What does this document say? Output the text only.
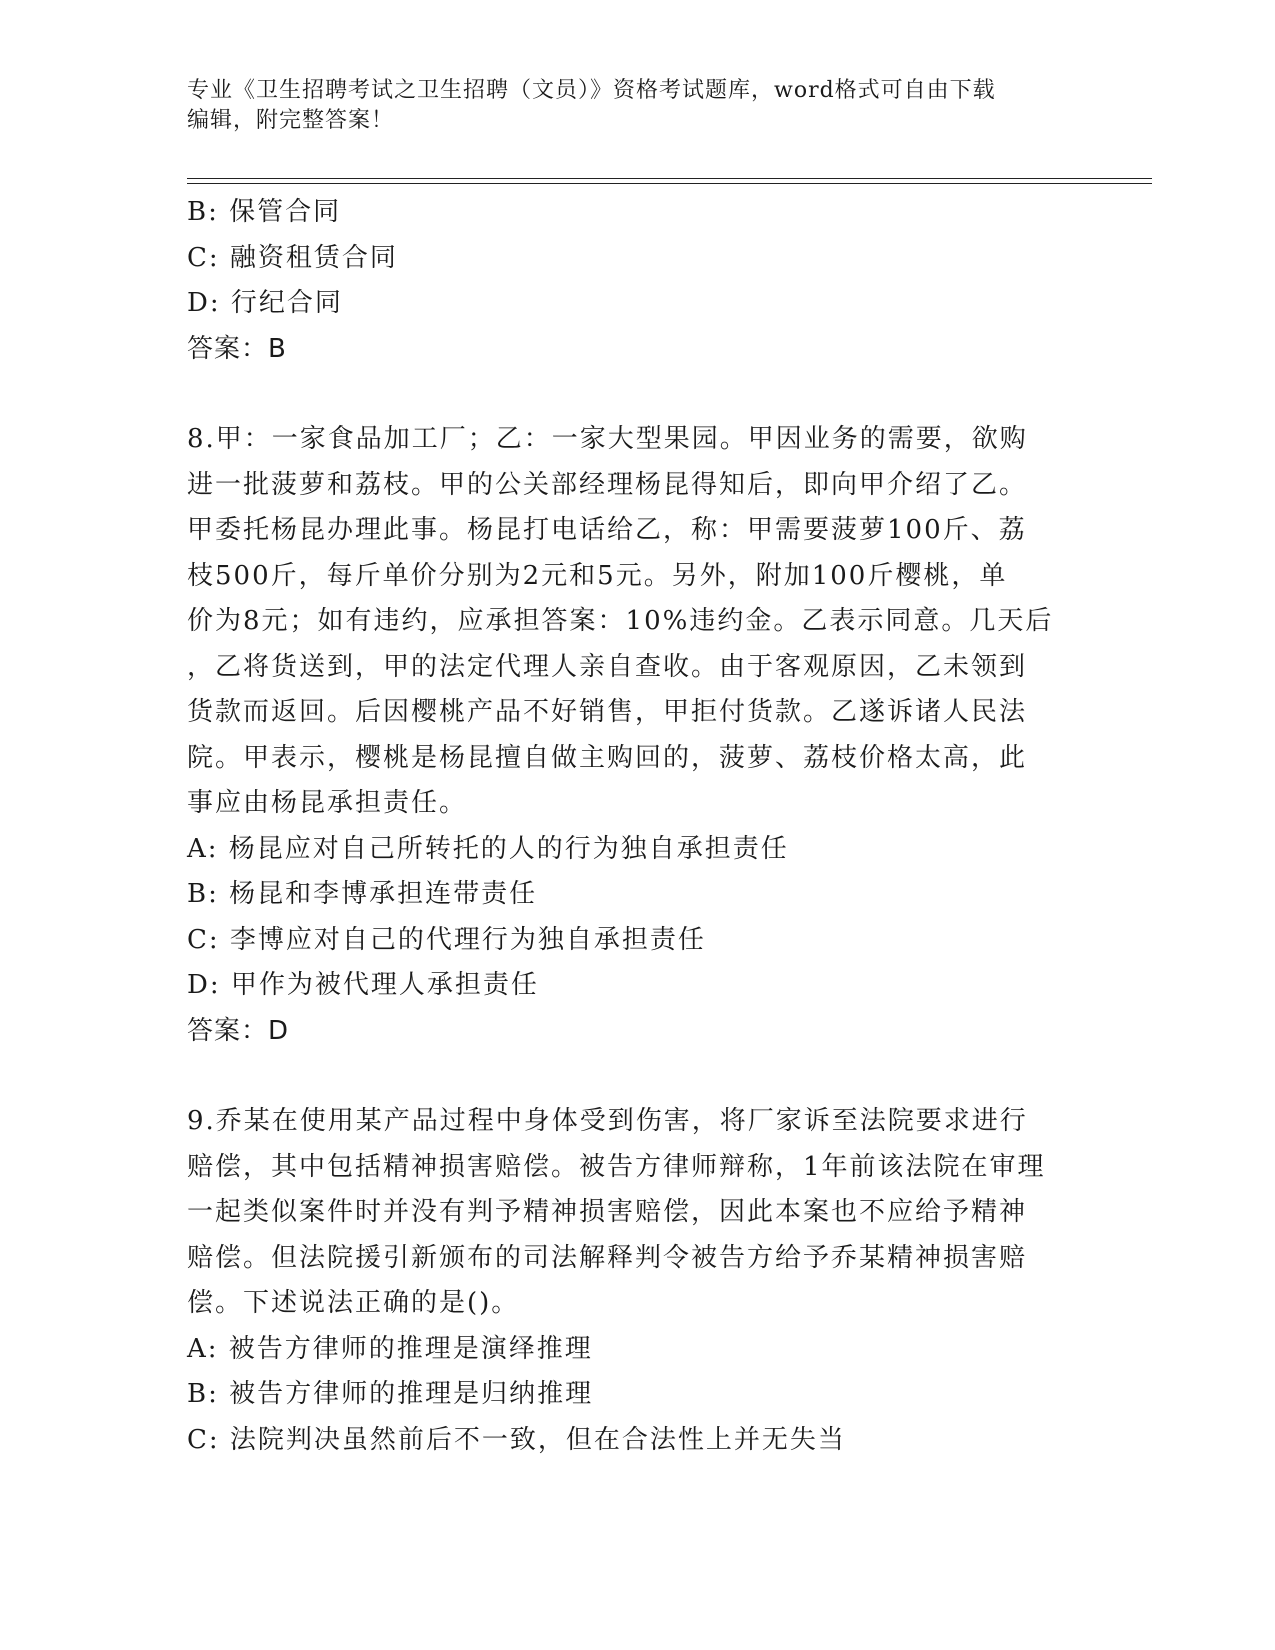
专业《卫生招聘考试之卫生招聘（文员）》资格考试题库，word格式可自由下载
编辑，附完整答案！
B: 保管合同
C: 融资租赁合同
D: 行纪合同
答案：B
8.甲：一家食品加工厂；乙：一家大型果园。甲因业务的需要，欲购
进一批菠萝和荔枝。甲的公关部经理杨昆得知后，即向甲介绍了乙。
甲委托杨昆办理此事。杨昆打电话给乙，称：甲需要菠萝100斤、荔
枝500斤，每斤单价分别为2元和5元。另外，附加100斤樱桃，单
价为8元；如有违约，应承担答案：10%违约金。乙表示同意。几天后
，乙将货送到，甲的法定代理人亲自查收。由于客观原因，乙未领到
货款而返回。后因樱桃产品不好销售，甲拒付货款。乙遂诉诸人民法
院。甲表示，樱桃是杨昆擅自做主购回的，菠萝、荔枝价格太高，此
事应由杨昆承担责任。
A: 杨昆应对自己所转托的人的行为独自承担责任
B: 杨昆和李博承担连带责任
C: 李博应对自己的代理行为独自承担责任
D: 甲作为被代理人承担责任
答案：D
9.乔某在使用某产品过程中身体受到伤害，将厂家诉至法院要求进行
赔偿，其中包括精神损害赔偿。被告方律师辩称，1年前该法院在审理
一起类似案件时并没有判予精神损害赔偿，因此本案也不应给予精神
赔偿。但法院援引新颁布的司法解释判令被告方给予乔某精神损害赔
偿。下述说法正确的是()。
A: 被告方律师的推理是演绎推理
B: 被告方律师的推理是归纳推理
C: 法院判决虽然前后不一致，但在合法性上并无失当
